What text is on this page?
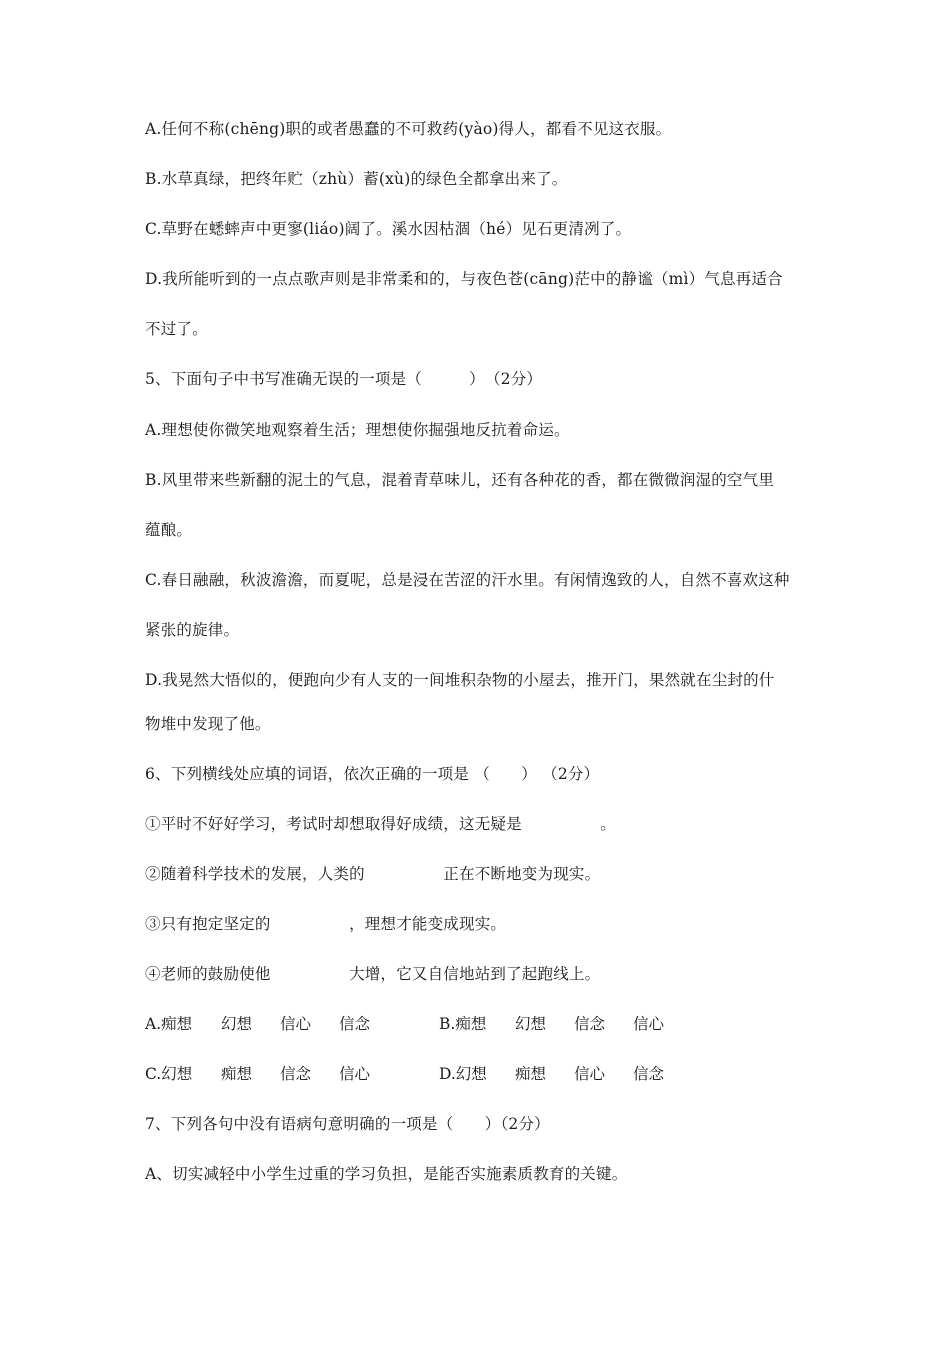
A.任何不称(chēng)职的或者愚蠢的不可救药(yào)得人，都看不见这衣服。
B.水草真绿，把终年贮（zhù）蓄(xù)的绿色全都拿出来了。
C.草野在蟋蟀声中更寥(liáo)阔了。溪水因枯涸（hé）见石更清冽了。
D.我所能听到的一点点歌声则是非常柔和的，与夜色苍(cāng)茫中的静谧（mì）气息再适合
不过了。
5、下面句子中书写准确无误的一项是（　　　）　（2分）
A.理想使你微笑地观察着生活；理想使你掘强地反抗着命运。
B.风里带来些新翻的泥土的气息，混着青草味儿，还有各种花的香，都在微微润湿的空气里
蕴酿。
C.春日融融，秋波澹澹，而夏呢，总是浸在苦涩的汗水里。有闲情逸致的人，自然不喜欢这种
紧张的旋律。
D.我晃然大悟似的，便跑向少有人支的一间堆积杂物的小屋去，推开门，果然就在尘封的什
物堆中发现了他。
6、下列横线处应填的词语，依次正确的一项是 （　　） （2分）
①平时不好好学习，考试时却想取得好成绩，这无疑是　　　　　。
②随着科学技术的发展，人类的　　　　　正在不断地变为现实。
③只有抱定坚定的　　　　　，理想才能变成现实。
④老师的鼓励使他　　　　　大增，它又自信地站到了起跑线上。
A.痴想 幻想 信心 信念	B.痴想 幻想 信念 信心
C.幻想 痴想 信念 信心	D.幻想 痴想 信心 信念
7、下列各句中没有语病句意明确的一项是（　　）（2分）
A、切实减轻中小学生过重的学习负担，是能否实施素质教育的关键。
